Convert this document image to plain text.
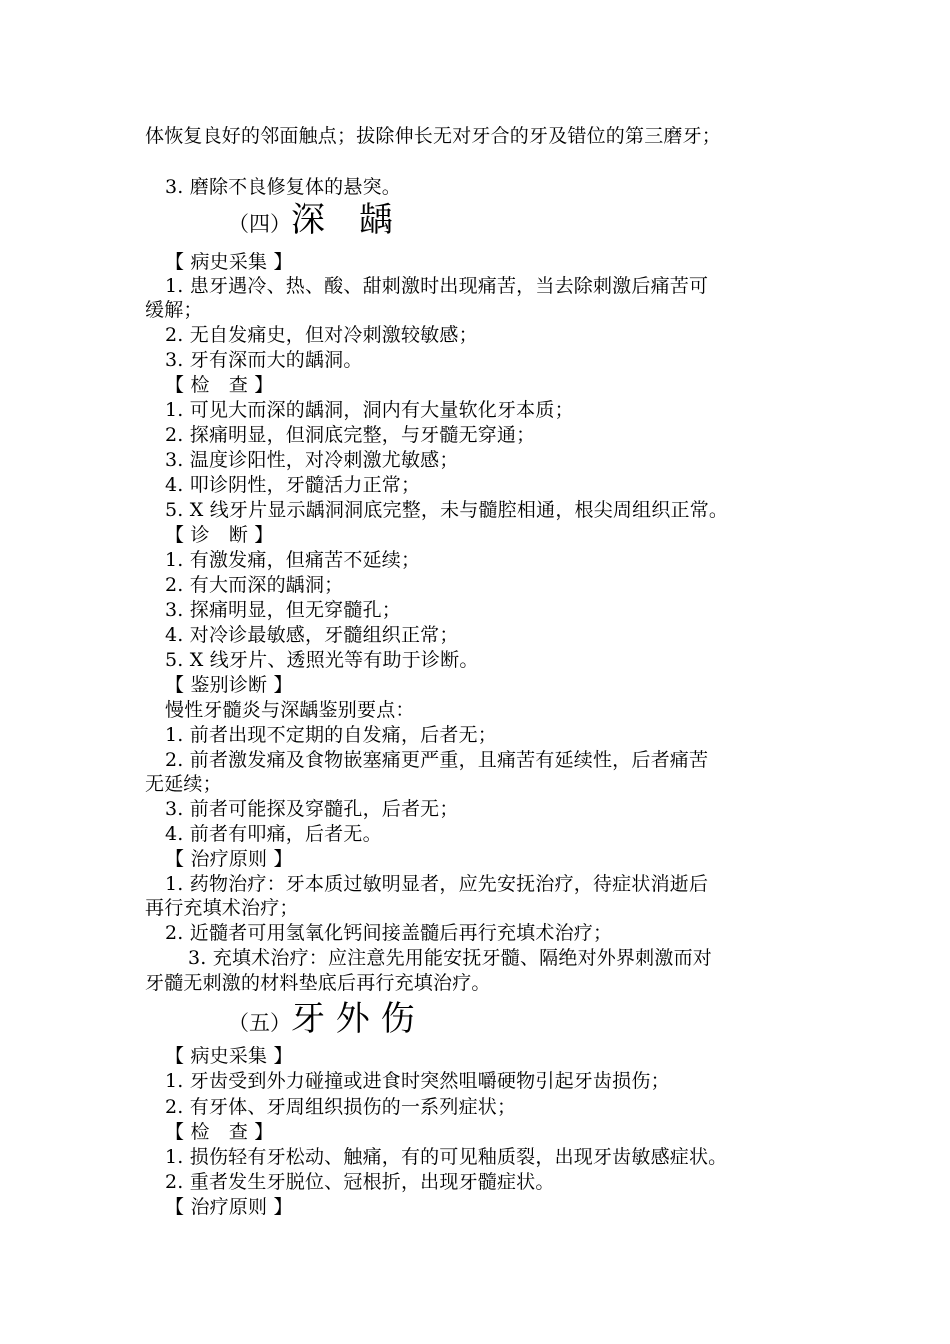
体恢复良好的邻面触点；拔除伸长无对牙合的牙及错位的第三磨牙；
3. 磨除不良修复体的悬突。
（四）深　龋
【 病史采集 】
1. 患牙遇冷、热、酸、甜刺激时出现痛苦，当去除刺激后痛苦可
缓解；
2. 无自发痛史，但对冷刺激较敏感；
3. 牙有深而大的龋洞。
【 检　查 】
1. 可见大而深的龋洞，洞内有大量软化牙本质；
2. 探痛明显，但洞底完整，与牙髓无穿通；
3. 温度诊阳性，对冷刺激尤敏感；
4. 叩诊阴性，牙髓活力正常；
5. X 线牙片显示龋洞洞底完整，未与髓腔相通，根尖周组织正常。
【 诊　断 】
1. 有激发痛，但痛苦不延续；
2. 有大而深的龋洞；
3. 探痛明显，但无穿髓孔；
4. 对冷诊最敏感，牙髓组织正常；
5. X 线牙片、透照光等有助于诊断。
【 鉴别诊断 】
慢性牙髓炎与深龋鉴别要点：
1. 前者出现不定期的自发痛，后者无；
2. 前者激发痛及食物嵌塞痛更严重，且痛苦有延续性，后者痛苦
无延续；
3. 前者可能探及穿髓孔，后者无；
4. 前者有叩痛，后者无。
【 治疗原则 】
1. 药物治疗：牙本质过敏明显者，应先安抚治疗，待症状消逝后
再行充填术治疗；
2. 近髓者可用氢氧化钙间接盖髓后再行充填术治疗；
3. 充填术治疗：应注意先用能安抚牙髓、隔绝对外界刺激而对
牙髓无刺激的材料垫底后再行充填治疗。
（五）牙 外 伤
【 病史采集 】
1. 牙齿受到外力碰撞或进食时突然咀嚼硬物引起牙齿损伤；
2. 有牙体、牙周组织损伤的一系列症状；
【 检　查 】
1. 损伤轻有牙松动、触痛，有的可见釉质裂，出现牙齿敏感症状。
2. 重者发生牙脱位、冠根折，出现牙髓症状。
【 治疗原则 】
